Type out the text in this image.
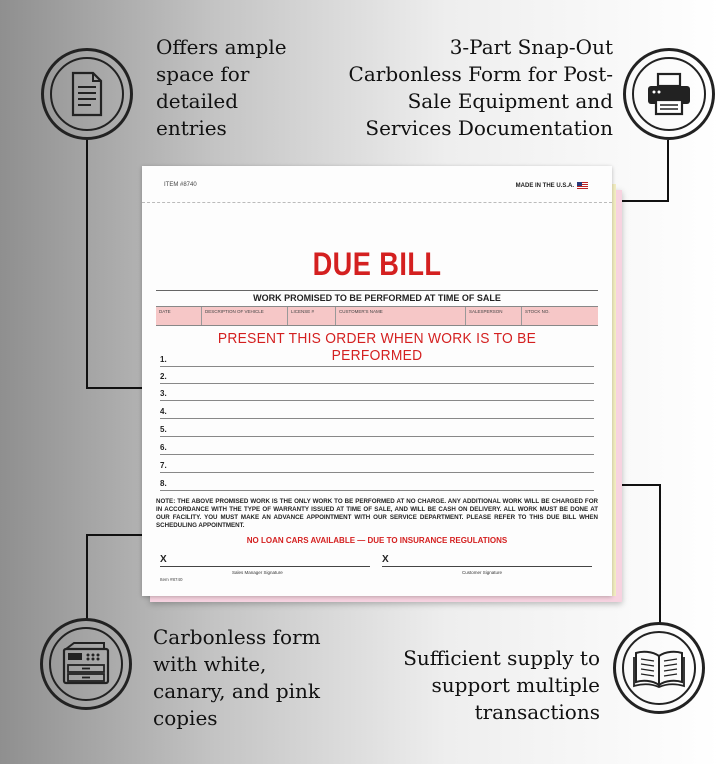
Offers ample
space for
detailed
entries
3-Part Snap-Out
Carbonless Form for Post-
Sale Equipment and
Services Documentation
Carbonless form
with white,
canary, and pink
copies
Sufficient supply to
support multiple
transactions
ITEM #8740	MADE IN THE U.S.A.
DUE BILL
WORK PROMISED TO BE PERFORMED AT TIME OF SALE
DATE	DESCRIPTION OF VEHICLE	LICENSE #	CUSTOMER'S NAME	SALESPERSON	STOCK NO.
PRESENT THIS ORDER WHEN WORK IS TO BE PERFORMED
1.
2.
3.
4.
5.
6.
7.
8.
NOTE: THE ABOVE PROMISED WORK IS THE ONLY WORK TO BE PERFORMED AT NO CHARGE. ANY ADDITIONAL WORK WILL BE CHARGED FOR IN ACCORDANCE WITH THE TYPE OF WARRANTY ISSUED AT TIME OF SALE, AND WILL BE CASH ON DELIVERY. ALL WORK MUST BE DONE AT OUR FACILITY. YOU MUST MAKE AN ADVANCE APPOINTMENT WITH OUR SERVICE DEPARTMENT. PLEASE REFER TO THIS DUE BILL WHEN SCHEDULING APPOINTMENT.
NO LOAN CARS AVAILABLE — DUE TO INSURANCE REGULATIONS
X	X
Sales Manager Signature	Customer Signature
Item #8740
